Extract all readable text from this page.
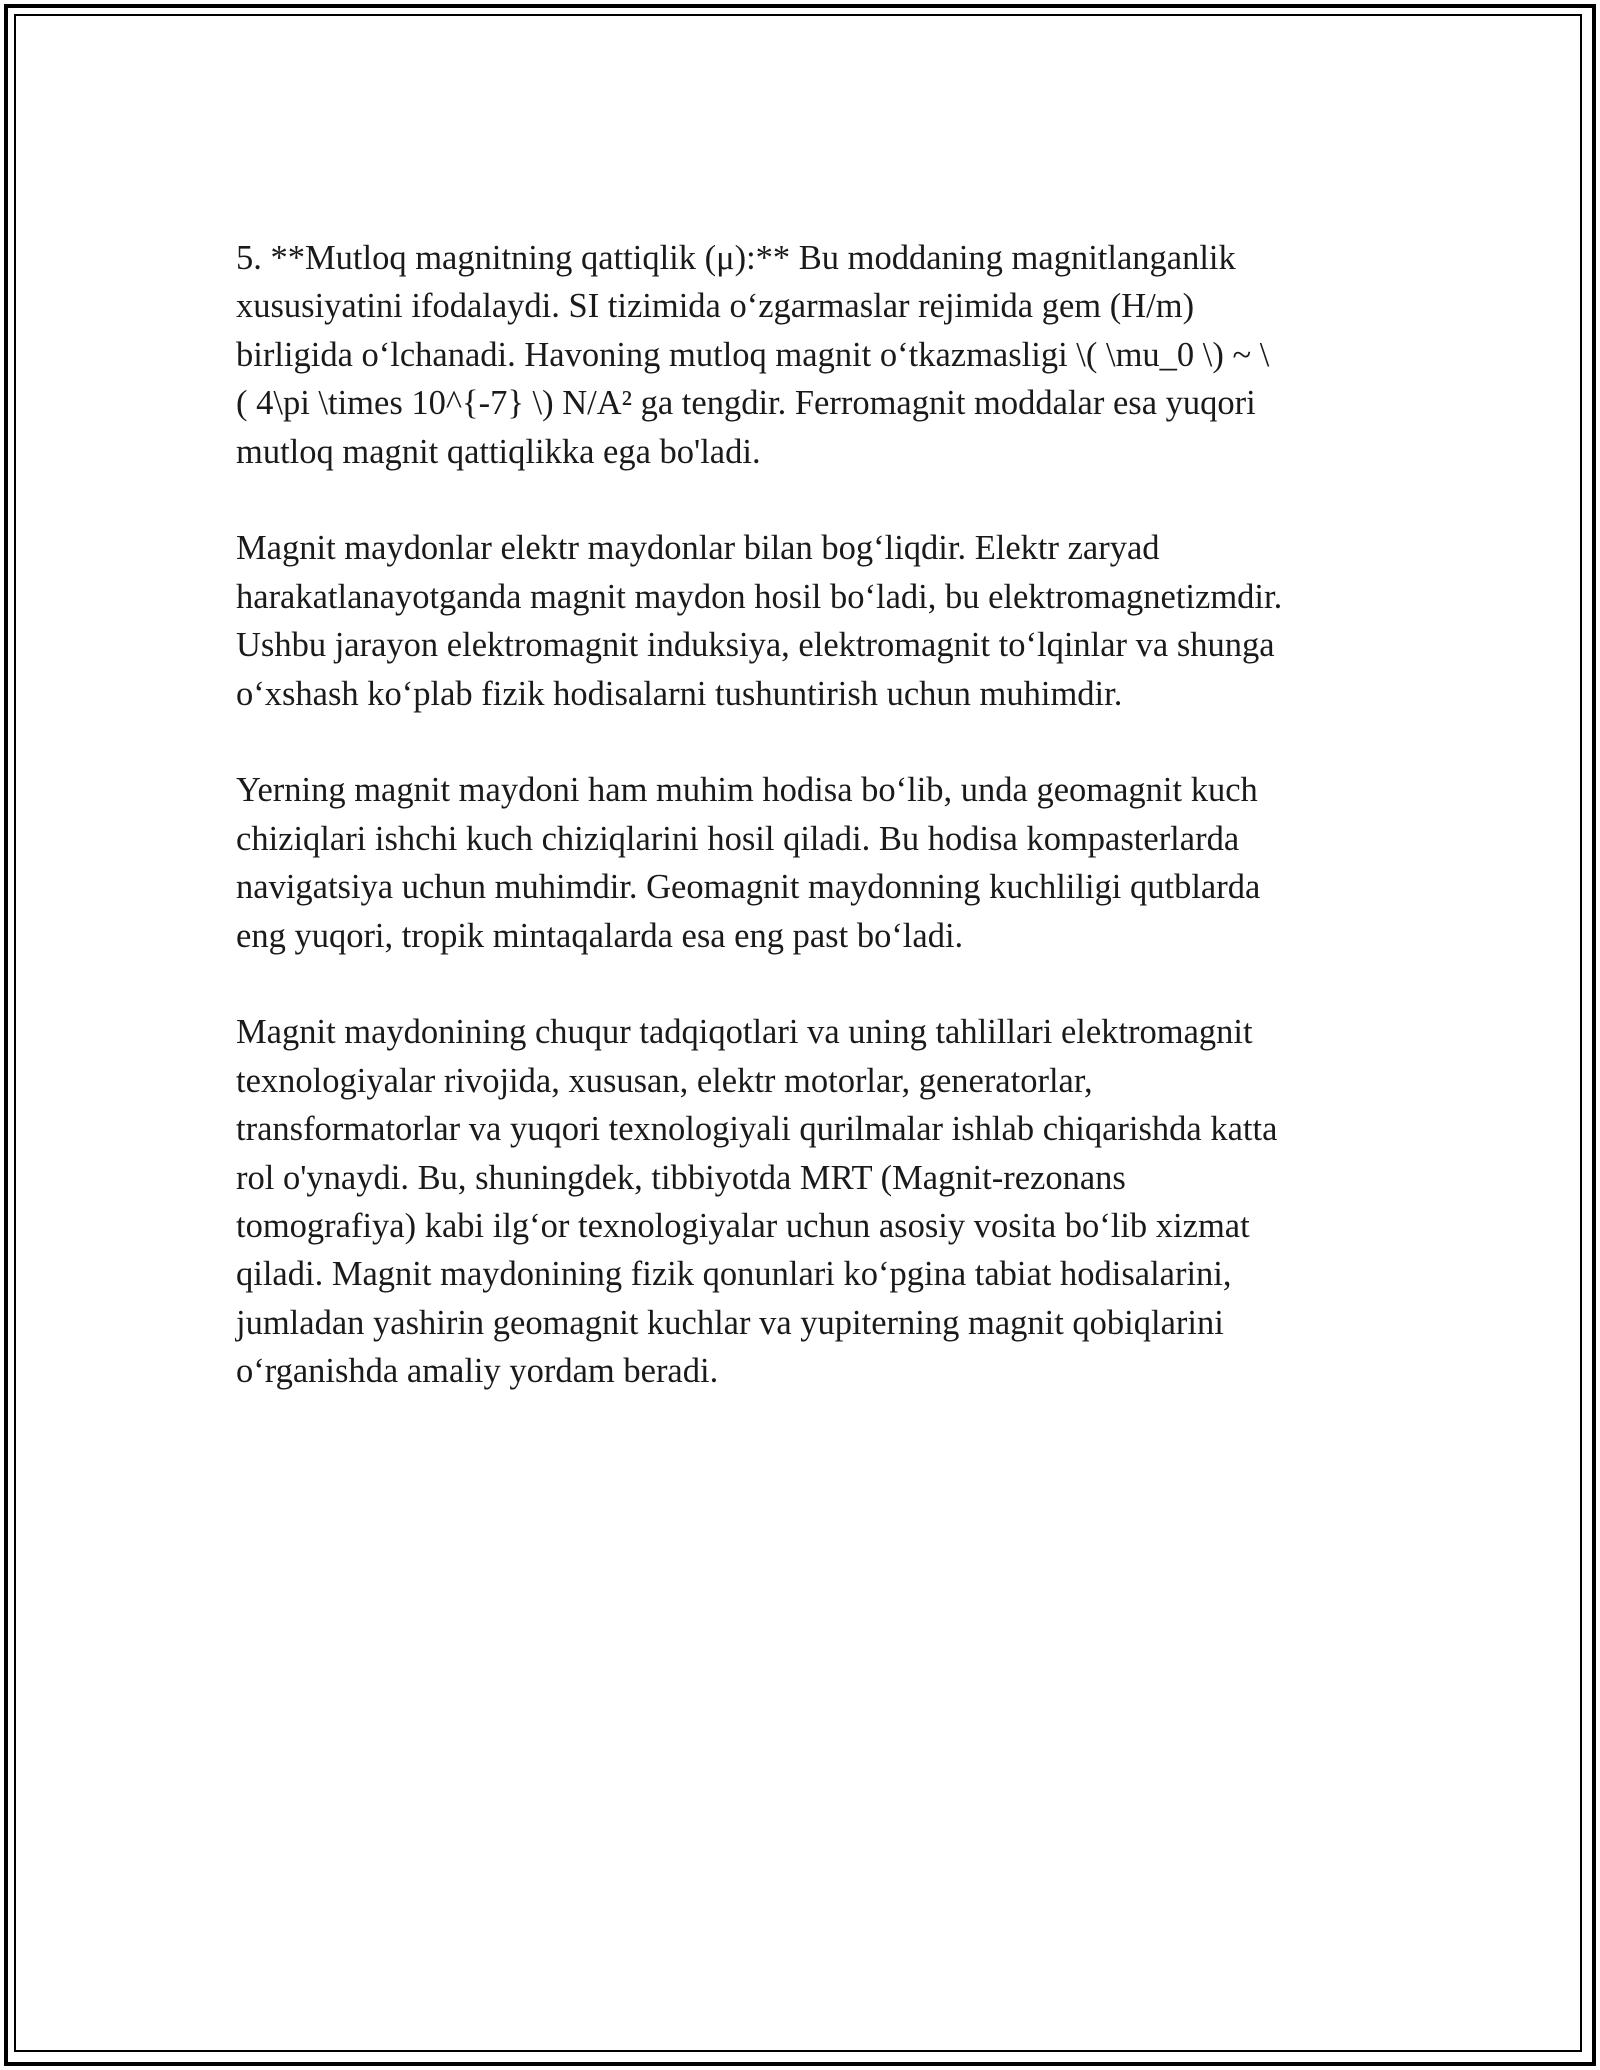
5. **Mutloq magnitning qattiqlik (μ):** Bu moddaning magnitlanganlik
xususiyatini ifodalaydi. SI tizimida oʻzgarmaslar rejimida gem (H/m)
birligida oʻlchanadi. Havoning mutloq magnit oʻtkazmasligi \( \mu_0 \) ~ \
( 4\pi \times 10^{-7} \) N/A² ga tengdir. Ferromagnit moddalar esa yuqori
mutloq magnit qattiqlikka ega bo'ladi.

Magnit maydonlar elektr maydonlar bilan bogʻliqdir. Elektr zaryad
harakatlanayotganda magnit maydon hosil boʻladi, bu elektromagnetizmdir.
Ushbu jarayon elektromagnit induksiya, elektromagnit toʻlqinlar va shunga
oʻxshash koʻplab fizik hodisalarni tushuntirish uchun muhimdir.

Yerning magnit maydoni ham muhim hodisa boʻlib, unda geomagnit kuch
chiziqlari ishchi kuch chiziqlarini hosil qiladi. Bu hodisa kompasterlarda
navigatsiya uchun muhimdir. Geomagnit maydonning kuchliligi qutblarda
eng yuqori, tropik mintaqalarda esa eng past boʻladi.

Magnit maydonining chuqur tadqiqotlari va uning tahlillari elektromagnit
texnologiyalar rivojida, xususan, elektr motorlar, generatorlar,
transformatorlar va yuqori texnologiyali qurilmalar ishlab chiqarishda katta
rol o'ynaydi. Bu, shuningdek, tibbiyotda MRT (Magnit-rezonans
tomografiya) kabi ilgʻor texnologiyalar uchun asosiy vosita boʻlib xizmat
qiladi. Magnit maydonining fizik qonunlari koʻpgina tabiat hodisalarini,
jumladan yashirin geomagnit kuchlar va yupiterning magnit qobiqlarini
oʻrganishda amaliy yordam beradi.
